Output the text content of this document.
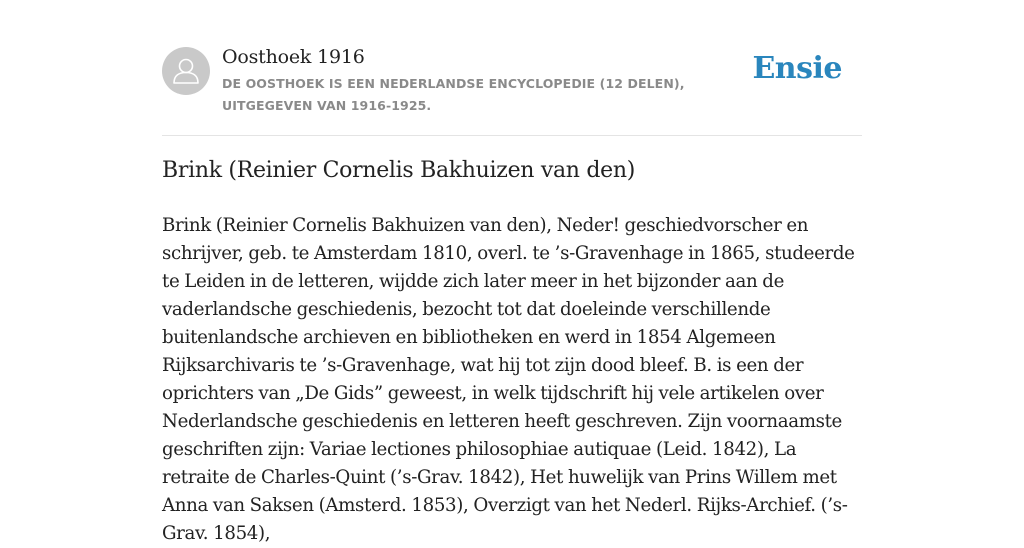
Oosthoek 1916
DE OOSTHOEK IS EEN NEDERLANDSE ENCYCLOPEDIE (12 DELEN), UITGEGEVEN VAN 1916-1925.
Ensie
Brink (Reinier Cornelis Bakhuizen van den)

Brink (Reinier Cornelis Bakhuizen van den), Neder! geschiedvorscher en schrijver, geb. te Amsterdam 1810, overl. te ’s-Gravenhage in 1865, studeerde te Leiden in de letteren, wijdde zich later meer in het bijzonder aan de vaderlandsche geschiedenis, bezocht tot dat doeleinde verschillende buitenlandsche archieven en bibliotheken en werd in 1854 Algemeen Rijksarchivaris te ’s-Gravenhage, wat hij tot zijn dood bleef. B. is een der oprichters van „De Gids” geweest, in welk tijdschrift hij vele artikelen over Nederlandsche geschiedenis en letteren heeft geschreven. Zijn voornaamste geschriften zijn: Variae lectiones philosophiae autiquae (Leid. 1842), La retraite de Charles-Quint (’s-Grav. 1842), Het huwelijk van Prins Willem met Anna van Saksen (Amsterd. 1853), Overzigt van het Nederl. Rijks-Archief. (’s-Grav. 1854),
